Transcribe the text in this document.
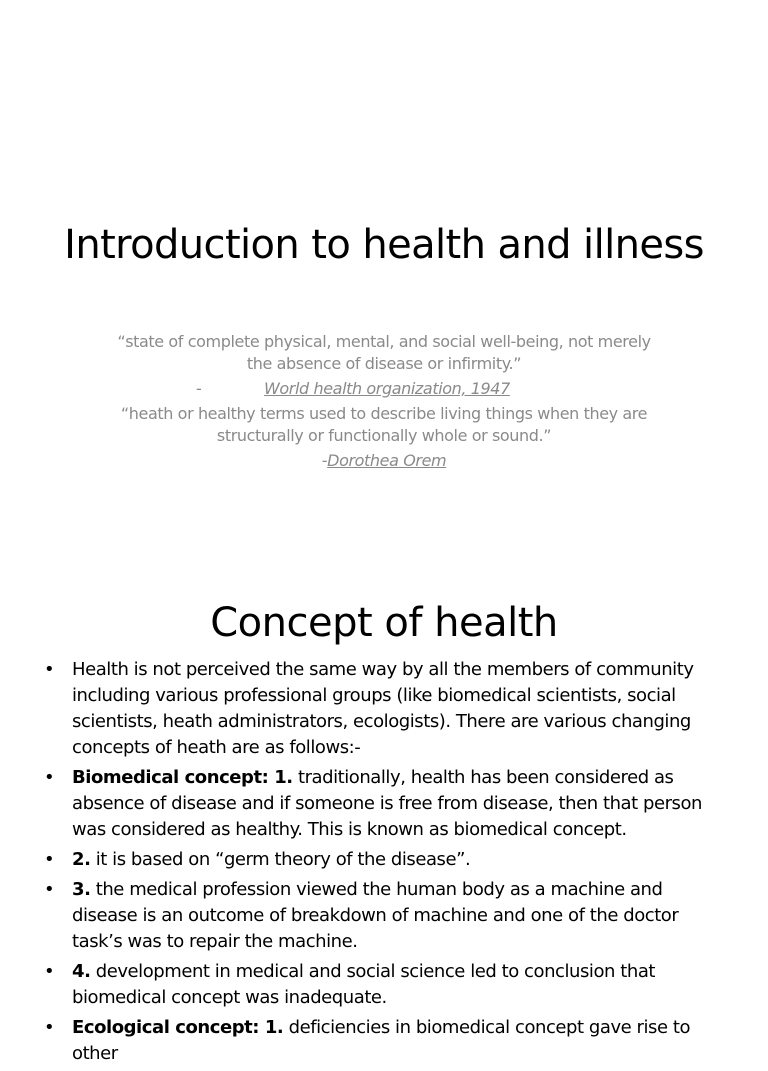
Introduction to health and illness

“state of complete physical, mental, and social well-being, not merely the absence of disease or infirmity.”

-	World health organization, 1947

“heath or healthy terms used to describe living things when they are structurally or functionally whole or sound.”

-Dorothea Orem
Concept of health
• Health is not perceived the same way by all the members of community including various professional groups (like biomedical scientists, social scientists, heath administrators, ecologists). There are various changing concepts of heath are as follows:-
• Biomedical concept: 1. traditionally, health has been considered as absence of disease and if someone is free from disease, then that person was considered as healthy. This is known as biomedical concept.
• 2. it is based on “germ theory of the disease”.
• 3. the medical profession viewed the human body as a machine and disease is an outcome of breakdown of machine and one of the doctor task’s was to repair the machine.
• 4. development in medical and social science led to conclusion that biomedical concept was inadequate.
• Ecological concept: 1. deficiencies in biomedical concept gave rise to other
